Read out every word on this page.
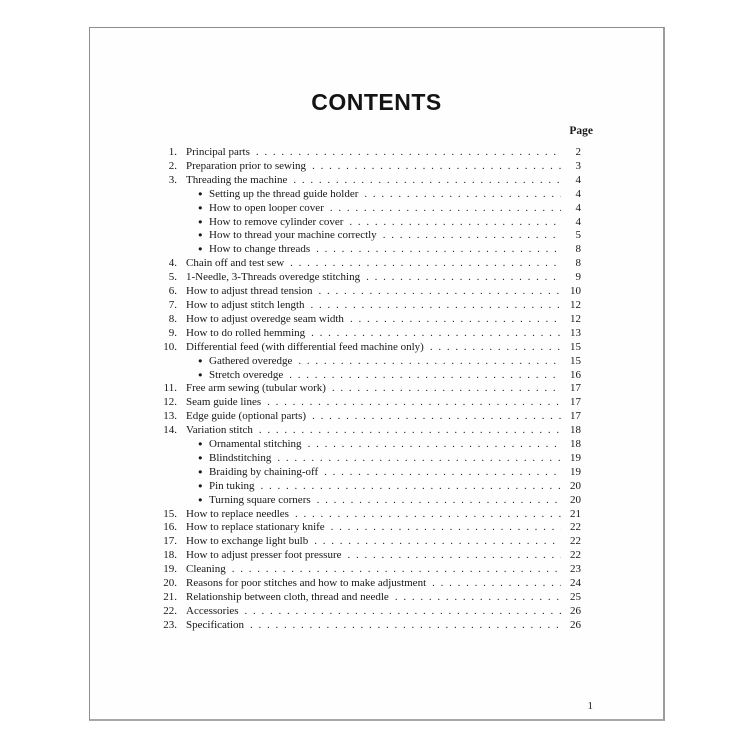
CONTENTS
Page
1. Principal parts . . .	2
2. Preparation prior to sewing . . .	3
3. Threading the machine . . .	4
● Setting up the thread guide holder . . .	4
● How to open looper cover . . .	4
● How to remove cylinder cover . . .	4
● How to thread your machine correctly . . .	5
● How to change threads . . .	8
4. Chain off and test sew . . .	8
5. 1-Needle, 3-Threads overedge stitching . . .	9
6. How to adjust thread tension . . .	10
7. How to adjust stitch length . . .	12
8. How to adjust overedge seam width . . .	12
9. How to do rolled hemming . . .	13
10. Differential feed (with differential feed machine only) . . .	15
● Gathered overedge . . .	15
● Stretch overedge . . .	16
11. Free arm sewing (tubular work) . . .	17
12. Seam guide lines . . .	17
13. Edge guide (optional parts) . . .	17
14. Variation stitch . . .	18
● Ornamental stitching . . .	18
● Blindstitching . . .	19
● Braiding by chaining-off . . .	19
● Pin tuking . . .	20
● Turning square corners . . .	20
15. How to replace needles . . .	21
16. How to replace stationary knife . . .	22
17. How to exchange light bulb . . .	22
18. How to adjust presser foot pressure . . .	22
19. Cleaning . . .	23
20. Reasons for poor stitches and how to make adjustment . . .	24
21. Relationship between cloth, thread and needle . . .	25
22. Accessories . . .	26
23. Specification . . .	26
1
